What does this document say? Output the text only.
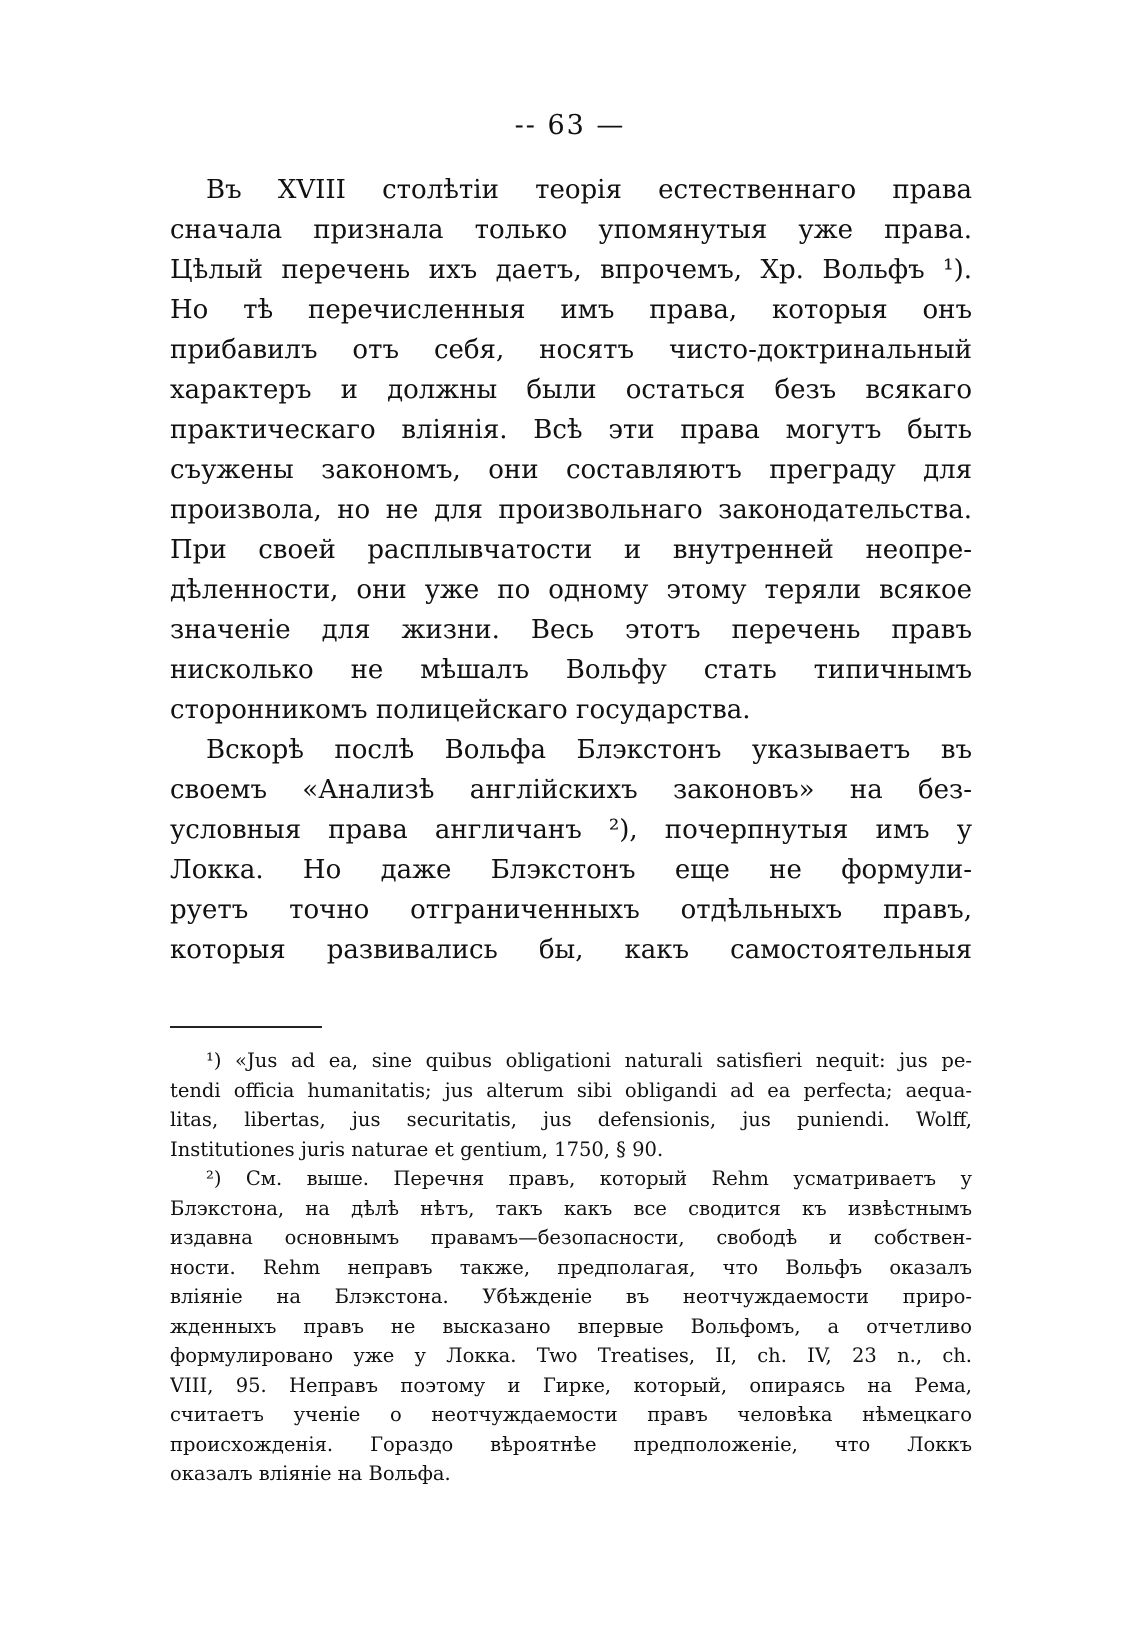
-- 63 —
Въ XVIII столѣтіи теорія естественнаго права
сначала признала только упомянутыя уже права.
Цѣлый перечень ихъ даетъ, впрочемъ, Хр. Вольфъ ¹).
Но тѣ перечисленныя имъ права, которыя онъ
прибавилъ отъ себя, носятъ чисто-доктринальный
характеръ и должны были остаться безъ всякаго
практическаго вліянія. Всѣ эти права могутъ быть
съужены закономъ, они составляютъ преграду для
произвола, но не для произвольнаго законодательства.
При своей расплывчатости и внутренней неопре-
дѣленности, они уже по одному этому теряли всякое
значеніе для жизни. Весь этотъ перечень правъ
нисколько не мѣшалъ Вольфу стать типичнымъ
сторонникомъ полицейскаго государства.
Вскорѣ послѣ Вольфа Блэкстонъ указываетъ въ
своемъ «Анализѣ англійскихъ законовъ» на без-
условныя права англичанъ ²), почерпнутыя имъ у
Локка. Но даже Блэкстонъ еще не формули-
руетъ точно отграниченныхъ отдѣльныхъ правъ,
которыя развивались бы, какъ самостоятельныя
¹) «Jus ad ea, sine quibus obligationi naturali satisfieri nequit: jus pe-
tendi officia humanitatis; jus alterum sibi obligandi ad ea perfecta; aequa-
litas, libertas, jus securitatis, jus defensionis, jus puniendi. Wolff,
Institutiones juris naturae et gentium, 1750, § 90.
²) См. выше. Перечня правъ, который Rehm усматриваетъ у
Блэкстона, на дѣлѣ нѣтъ, такъ какъ все сводится къ извѣстнымъ
издавна основнымъ правамъ—безопасности, свободѣ и собствен-
ности. Rehm неправъ также, предполагая, что Вольфъ оказалъ
вліяніе на Блэкстона. Убѣжденіе въ неотчуждаемости приро-
жденныхъ правъ не высказано впервые Вольфомъ, а отчетливо
формулировано уже у Локка. Two Treatises, II, ch. IV, 23 n., ch.
VIII, 95. Неправъ поэтому и Гирке, который, опираясь на Рема,
считаетъ ученіе о неотчуждаемости правъ человѣка нѣмецкаго
происхожденія. Гораздо вѣроятнѣе предположеніе, что Локкъ
оказалъ вліяніе на Вольфа.
